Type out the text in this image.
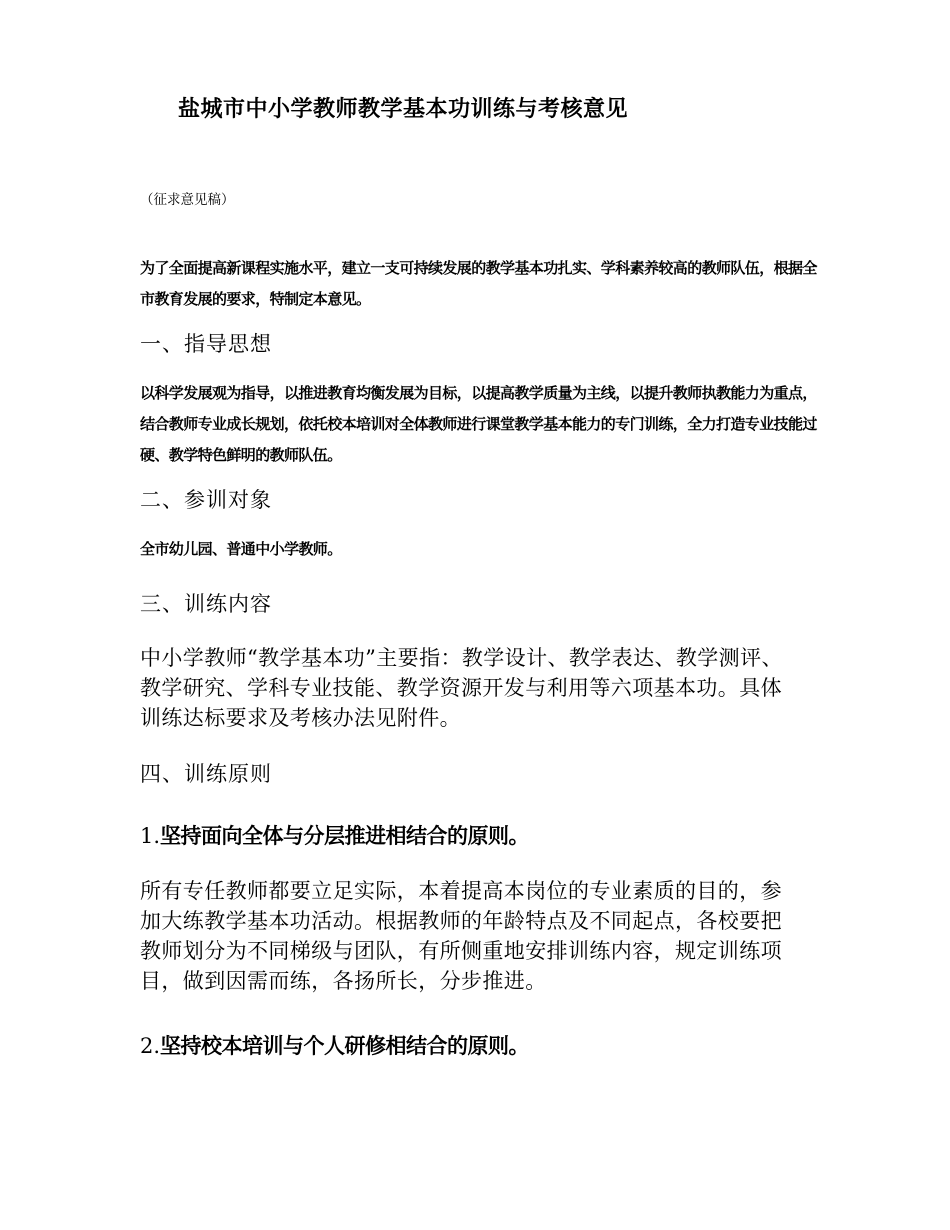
盐城市中小学教师教学基本功训练与考核意见
（征求意见稿）
为了全面提高新课程实施水平，建立一支可持续发展的教学基本功扎实、学科素养较高的教师队伍，根据全市教育发展的要求，特制定本意见。
一、指导思想
以科学发展观为指导，以推进教育均衡发展为目标，以提高教学质量为主线，以提升教师执教能力为重点，结合教师专业成长规划，依托校本培训对全体教师进行课堂教学基本能力的专门训练，全力打造专业技能过硬、教学特色鲜明的教师队伍。
二、参训对象
全市幼儿园、普通中小学教师。
三、训练内容
中小学教师“教学基本功”主要指：教学设计、教学表达、教学测评、教学研究、学科专业技能、教学资源开发与利用等六项基本功。具体训练达标要求及考核办法见附件。
四、训练原则
1.坚持面向全体与分层推进相结合的原则。
所有专任教师都要立足实际，本着提高本岗位的专业素质的目的，参加大练教学基本功活动。根据教师的年龄特点及不同起点，各校要把教师划分为不同梯级与团队，有所侧重地安排训练内容，规定训练项目，做到因需而练，各扬所长，分步推进。
2.坚持校本培训与个人研修相结合的原则。
